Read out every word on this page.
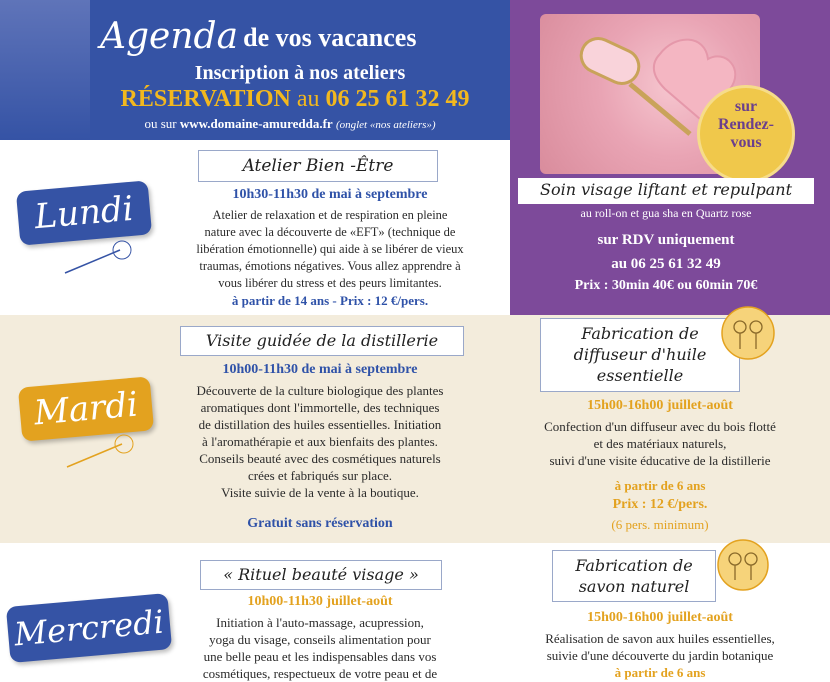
Agenda de vos vacances
Inscription à nos ateliers
RÉSERVATION au 06 25 61 32 49
ou sur www.domaine-amuredda.fr (onglet «nos ateliers»)
sur
Rendez-
vous
Soin visage liftant et repulpant
au roll-on et gua sha en Quartz rose
sur RDV uniquement
au 06 25 61 32 49
Prix : 30min 40€ ou 60min 70€
Lundi
Mardi
Mercredi
Atelier Bien -Être
10h30-11h30 de mai à septembre
Atelier de relaxation et de respiration en pleine
nature avec la découverte de «EFT» (technique de
libération émotionnelle) qui aide à se libérer de vieux
traumas, émotions négatives. Vous allez apprendre à
vous libérer du stress et des peurs limitantes.
à partir de 14 ans - Prix : 12 €/pers.
Visite guidée de la distillerie
10h00-11h30 de mai à septembre
Découverte de la culture biologique des plantes
aromatiques dont l'immortelle, des techniques
de distillation des huiles essentielles. Initiation
à l'aromathérapie et aux bienfaits des plantes.
Conseils beauté avec des cosmétiques naturels
crées et fabriqués sur place.
Visite suivie de la vente à la boutique.
Gratuit sans réservation
Fabrication de
diffuseur d'huile
essentielle
15h00-16h00 juillet-août
Confection d'un diffuseur avec du bois flotté
et des matériaux naturels,
suivi d'une visite éducative de la distillerie
à partir de 6 ans
Prix : 12 €/pers.
(6 pers. minimum)
« Rituel beauté visage »
10h00-11h30 juillet-août
Initiation à l'auto-massage, acupression,
yoga du visage, conseils alimentation pour
une belle peau et les indispensables dans vos
cosmétiques, respectueux de votre peau et de
Fabrication de
savon naturel
15h00-16h00 juillet-août
Réalisation de savon aux huiles essentielles,
suivie d'une découverte du jardin botanique
à partir de 6 ans
